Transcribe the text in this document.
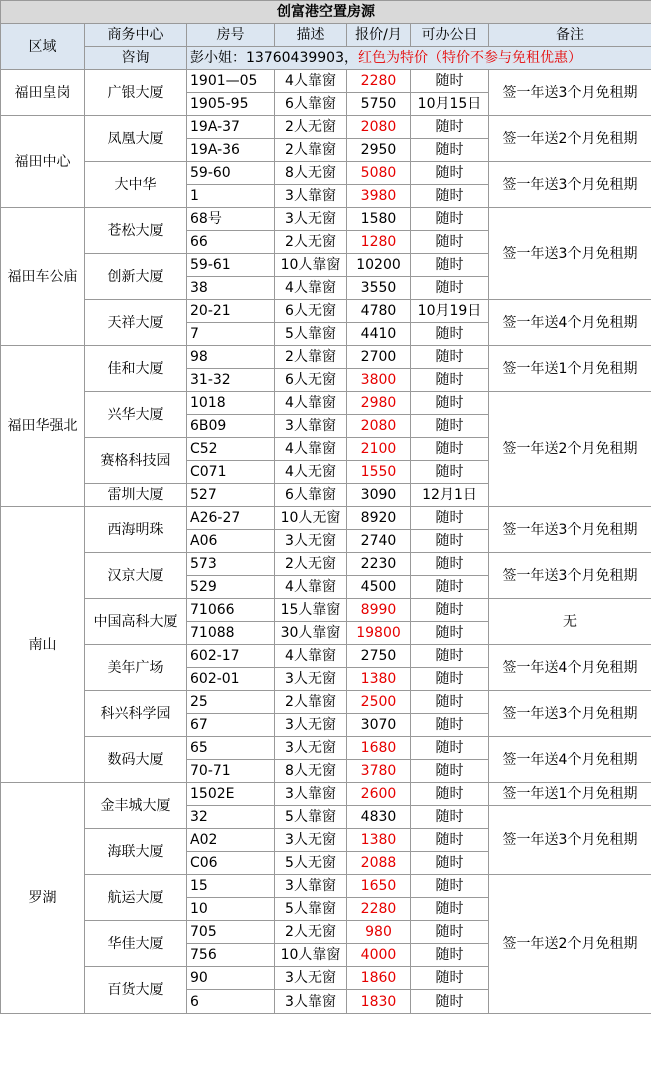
创富港空置房源						
区域	商务中心	房号	描述	报价/月	可办公日	备注
	咨询	彭小姐：13760439903，红色为特价（特价不参与免租优惠）				
福田皇岗	广银大厦	1901—05	4人靠窗	2280	随时	签一年送3个月免租期
		1905-95	6人靠窗	5750	10月15日	
福田中心	凤凰大厦	19A-37	2人无窗	2080	随时	签一年送2个月免租期
		19A-36	2人靠窗	2950	随时	
	大中华	59-60	8人无窗	5080	随时	签一年送3个月免租期
		1	3人靠窗	3980	随时	
福田车公庙	苍松大厦	68号	3人无窗	1580	随时	签一年送3个月免租期
		66	2人无窗	1280	随时	
	创新大厦	59-61	10人靠窗	10200	随时	
		38	4人靠窗	3550	随时	
	天祥大厦	20-21	6人无窗	4780	10月19日	签一年送4个月免租期
		7	5人靠窗	4410	随时	
福田华强北	佳和大厦	98	2人靠窗	2700	随时	签一年送1个月免租期
		31-32	6人无窗	3800	随时	
	兴华大厦	1018	4人靠窗	2980	随时	签一年送2个月免租期
		6B09	3人靠窗	2080	随时	
	赛格科技园	C52	4人靠窗	2100	随时	
		C071	4人无窗	1550	随时	
	雷圳大厦	527	6人靠窗	3090	12月1日	
南山	西海明珠	A26-27	10人无窗	8920	随时	签一年送3个月免租期
		A06	3人无窗	2740	随时	
	汉京大厦	573	2人无窗	2230	随时	签一年送3个月免租期
		529	4人靠窗	4500	随时	
	中国高科大厦	71066	15人靠窗	8990	随时	无
		71088	30人靠窗	19800	随时	
	美年广场	602-17	4人靠窗	2750	随时	签一年送4个月免租期
		602-01	3人无窗	1380	随时	
	科兴科学园	25	2人靠窗	2500	随时	签一年送3个月免租期
		67	3人无窗	3070	随时	
	数码大厦	65	3人无窗	1680	随时	签一年送4个月免租期
		70-71	8人无窗	3780	随时	
罗湖	金丰城大厦	1502E	3人靠窗	2600	随时	签一年送1个月免租期
		32	5人靠窗	4830	随时	签一年送3个月免租期
	海联大厦	A02	3人无窗	1380	随时	
		C06	5人无窗	2088	随时	
	航运大厦	15	3人靠窗	1650	随时	签一年送2个月免租期
		10	5人靠窗	2280	随时	
	华佳大厦	705	2人无窗	980	随时	
		756	10人靠窗	4000	随时	
	百货大厦	90	3人无窗	1860	随时	
		6	3人靠窗	1830	随时	
